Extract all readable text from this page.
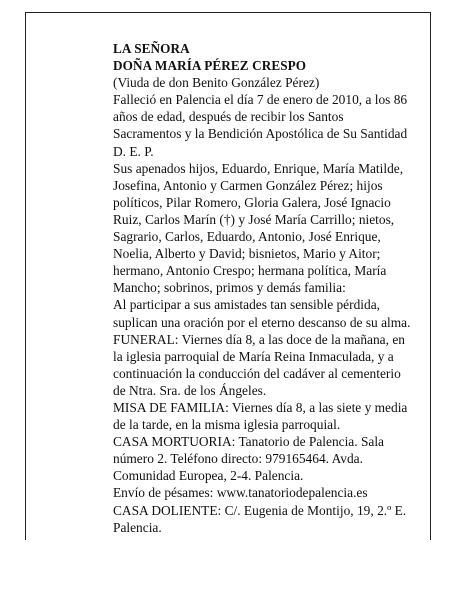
LA SEÑORA

DOÑA MARÍA PÉREZ CRESPO

(Viuda de don Benito González Pérez)

Falleció en Palencia el día 7 de enero de 2010, a los 86 años de edad, después de recibir los Santos Sacramentos y la Bendición Apostólica de Su Santidad

D. E. P.

Sus apenados hijos, Eduardo, Enrique, María Matilde, Josefina, Antonio y Carmen González Pérez; hijos políticos, Pilar Romero, Gloria Galera, José Ignacio Ruiz, Carlos Marín (†) y José María Carrillo; nietos, Sagrario, Carlos, Eduardo, Antonio, José Enrique, Noelia, Alberto y David; bisnietos, Mario y Aitor; hermano, Antonio Crespo; hermana política, María Mancho; sobrinos, primos y demás familia:

Al participar a sus amistades tan sensible pérdida, suplican una oración por el eterno descanso de su alma.

FUNERAL: Viernes día 8, a las doce de la mañana, en la iglesia parroquial de María Reina Inmaculada, y a continuación la conducción del cadáver al cementerio de Ntra. Sra. de los Ángeles.

MISA DE FAMILIA: Viernes día 8, a las siete y media de la tarde, en la misma iglesia parroquial.

CASA MORTUORIA: Tanatorio de Palencia. Sala número 2. Teléfono directo: 979165464. Avda. Comunidad Europea, 2-4. Palencia.

Envío de pésames: www.tanatoriodepalencia.es

CASA DOLIENTE: C/. Eugenia de Montijo, 19, 2.º E. Palencia.
